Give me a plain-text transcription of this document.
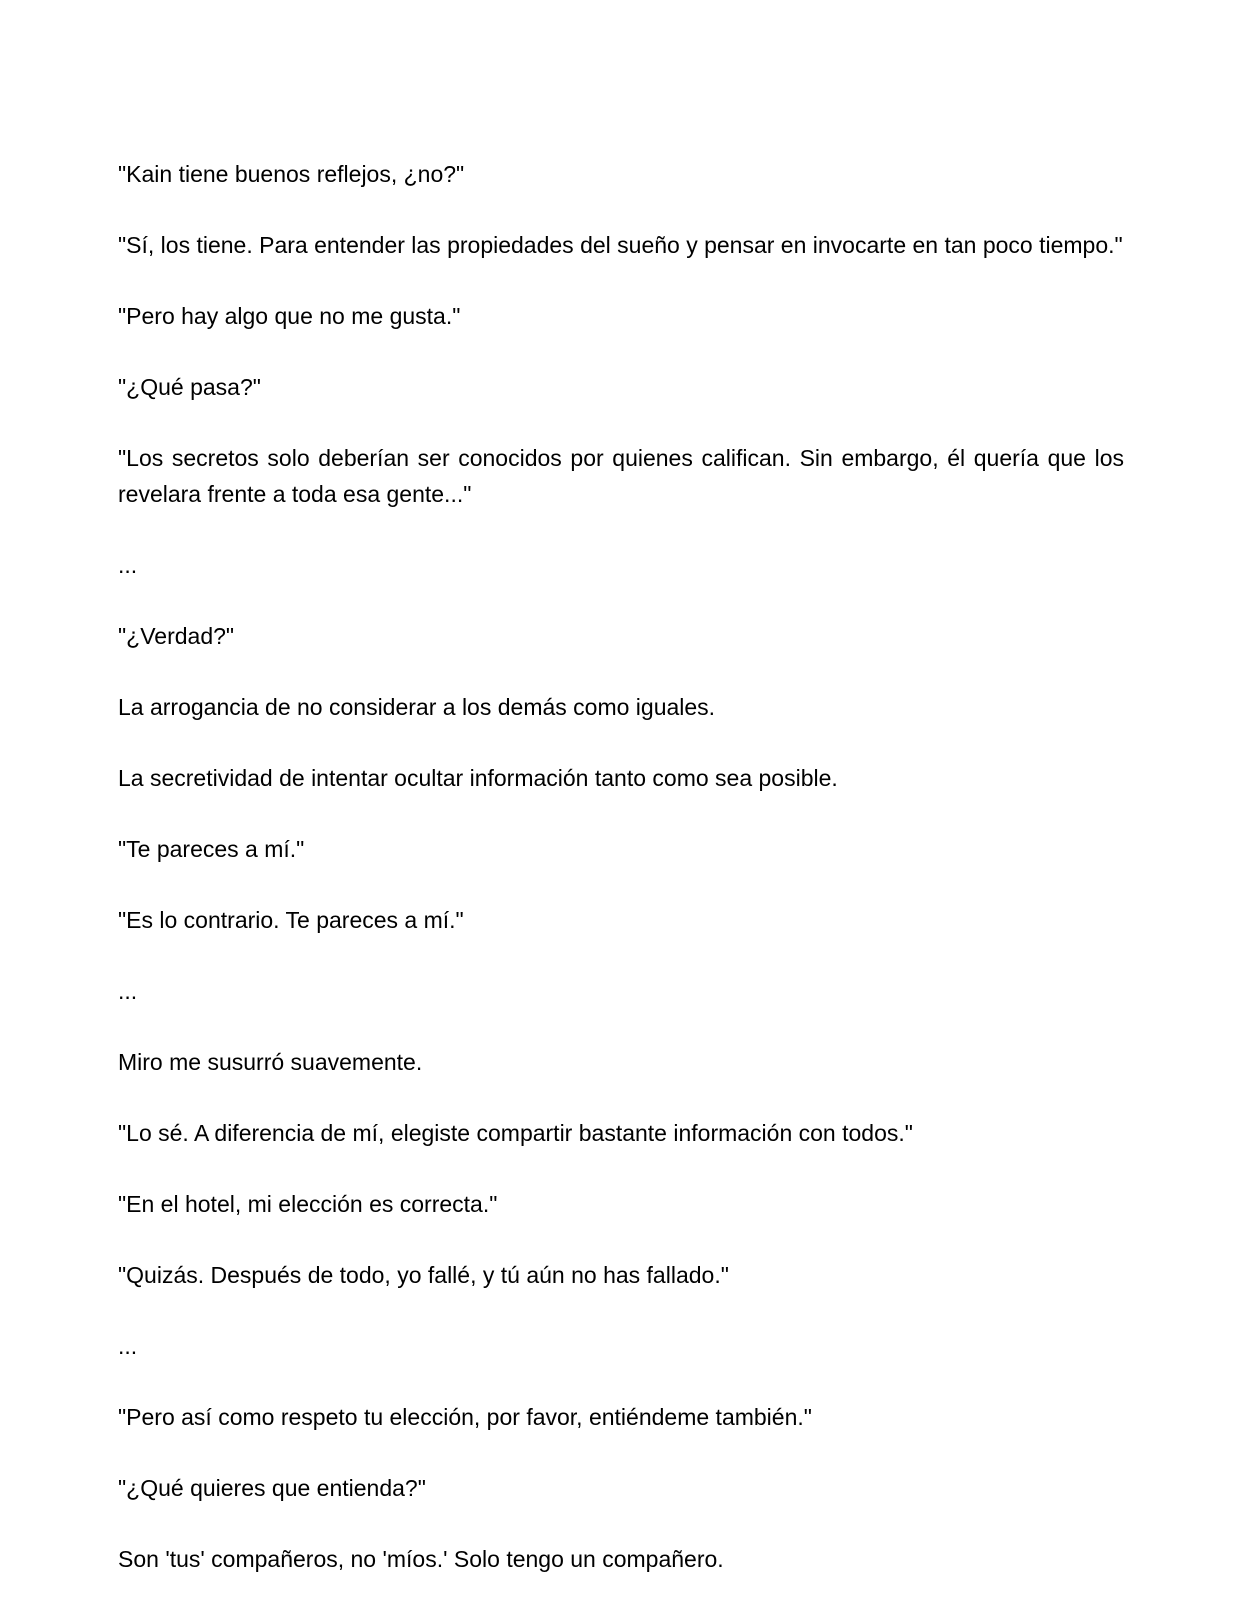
"Kain tiene buenos reflejos, ¿no?"

"Sí, los tiene. Para entender las propiedades del sueño y pensar en invocarte en tan poco tiempo."

"Pero hay algo que no me gusta."

"¿Qué pasa?"

"Los secretos solo deberían ser conocidos por quienes califican. Sin embargo, él quería que los revelara frente a toda esa gente..."

...

"¿Verdad?"

La arrogancia de no considerar a los demás como iguales.

La secretividad de intentar ocultar información tanto como sea posible.

"Te pareces a mí."

"Es lo contrario. Te pareces a mí."

...

Miro me susurró suavemente.

"Lo sé. A diferencia de mí, elegiste compartir bastante información con todos."

"En el hotel, mi elección es correcta."

"Quizás. Después de todo, yo fallé, y tú aún no has fallado."

...

"Pero así como respeto tu elección, por favor, entiéndeme también."

"¿Qué quieres que entienda?"

Son 'tus' compañeros, no 'míos.' Solo tengo un compañero.
